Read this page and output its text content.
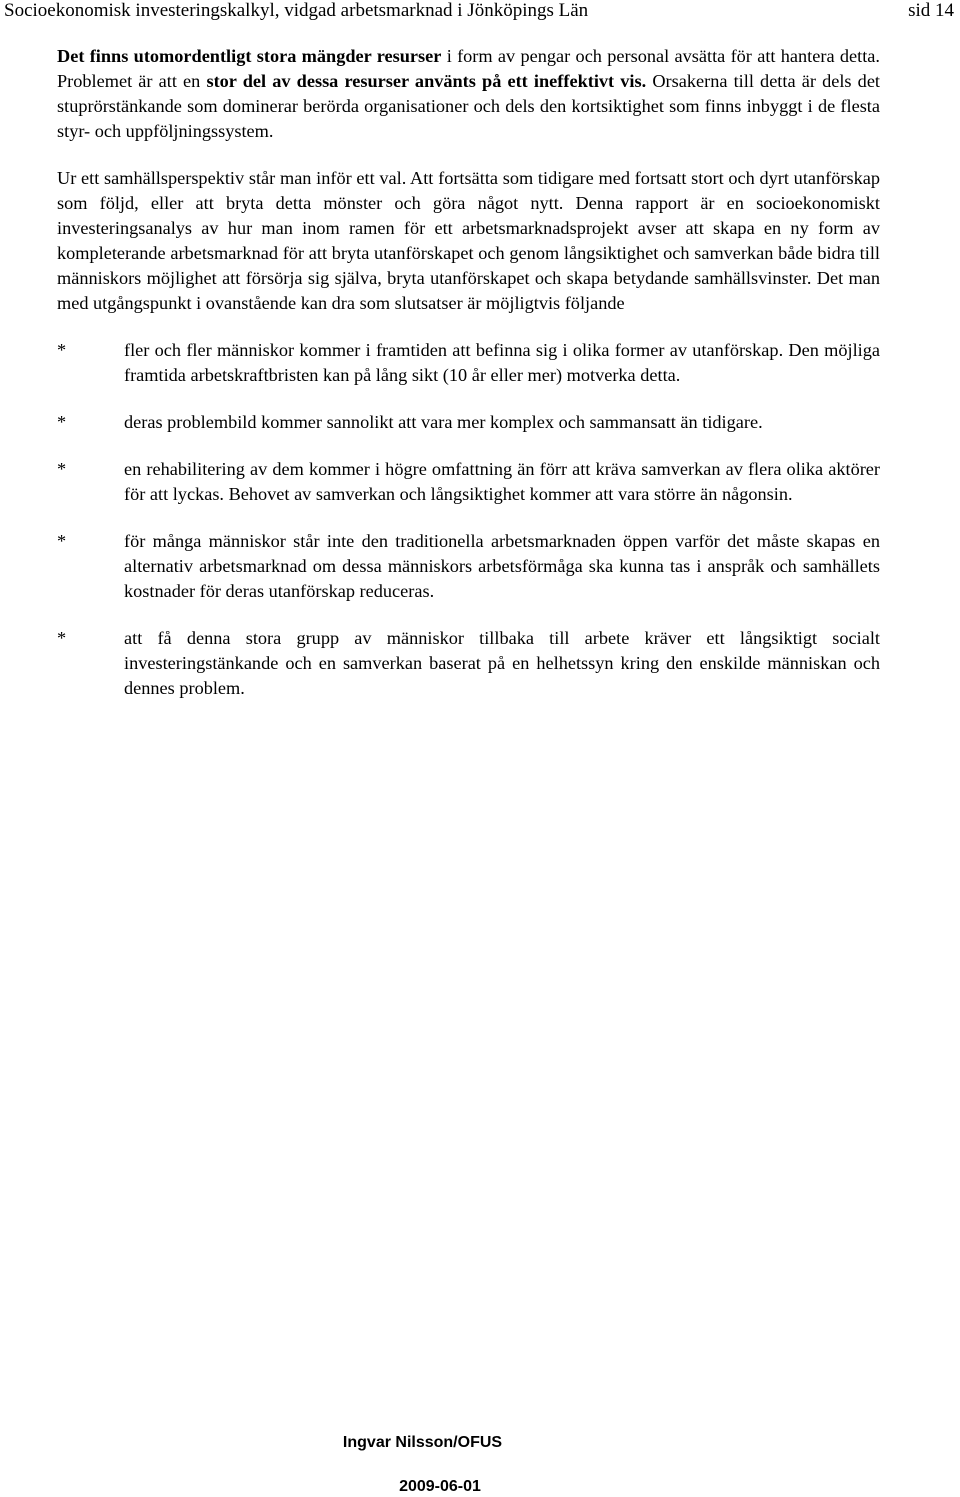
Socioekonomisk investeringskalkyl, vidgad arbetsmarknad i Jönköpings Län	sid 14

Det finns utomordentligt stora mängder resurser i form av pengar och personal avsätta för att hantera detta. Problemet är att en stor del av dessa resurser använts på ett ineffektivt vis. Orsakerna till detta är dels det stuprörstänkande som dominerar berörda organisationer och dels den kortsiktighet som finns inbyggt i de flesta styr- och uppföljningssystem.

Ur ett samhällsperspektiv står man inför ett val. Att fortsätta som tidigare med fortsatt stort och dyrt utanförskap som följd, eller att bryta detta mönster och göra något nytt. Denna rapport är en socioekonomiskt investeringsanalys av hur man inom ramen för ett arbetsmarknadsprojekt avser att skapa en ny form av kompleterande arbetsmarknad för att bryta utanförskapet och genom långsiktighet och samverkan både bidra till människors möjlighet att försörja sig själva, bryta utanförskapet och skapa betydande samhällsvinster. Det man med utgångspunkt i ovanstående kan dra som slutsatser är möjligtvis följande

*	fler och fler människor kommer i framtiden att befinna sig i olika former av utanförskap. Den möjliga framtida arbetskraftbristen kan på lång sikt (10 år eller mer) motverka detta.
*	deras problembild kommer sannolikt att vara mer komplex och sammansatt än tidigare.
*	en rehabilitering av dem kommer i högre omfattning än förr att kräva samverkan av flera olika aktörer för att lyckas. Behovet av samverkan och långsiktighet kommer att vara större än någonsin.
*	för många människor står inte den traditionella arbetsmarknaden öppen varför det måste skapas en alternativ arbetsmarknad om dessa människors arbetsförmåga ska kunna tas i anspråk och samhällets kostnader för deras utanförskap reduceras.
*	att få denna stora grupp av människor tillbaka till arbete kräver ett långsiktigt socialt investeringstänkande och en samverkan baserat på en helhetssyn kring den enskilde människan och dennes problem.
Ingvar Nilsson/OFUS
2009-06-01
